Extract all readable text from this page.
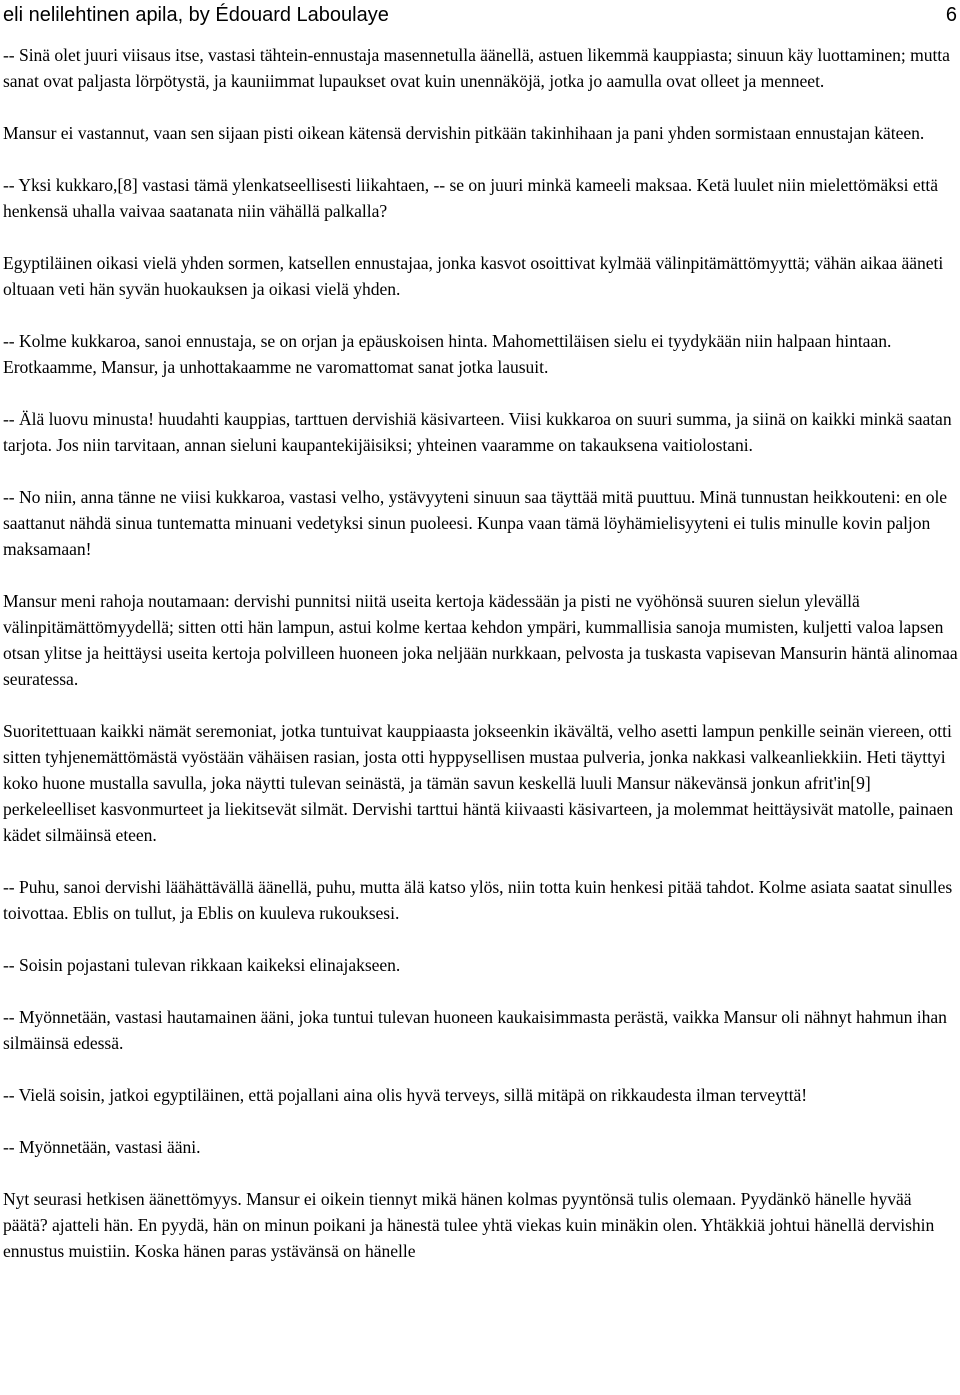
eli nelilehtinen apila, by Édouard Laboulaye	6

-- Sinä olet juuri viisaus itse, vastasi tähtein-ennustaja masennetulla äänellä, astuen likemmä kauppiasta; sinuun käy luottaminen; mutta sanat ovat paljasta lörpötystä, ja kauniimmat lupaukset ovat kuin unennäköjä, jotka jo aamulla ovat olleet ja menneet.

Mansur ei vastannut, vaan sen sijaan pisti oikean kätensä dervishin pitkään takinhihaan ja pani yhden sormistaan ennustajan käteen.

-- Yksi kukkaro,[8] vastasi tämä ylenkatseellisesti liikahtaen, -- se on juuri minkä kameeli maksaa. Ketä luulet niin mielettömäksi että henkensä uhalla vaivaa saatanata niin vähällä palkalla?

Egyptiläinen oikasi vielä yhden sormen, katsellen ennustajaa, jonka kasvot osoittivat kylmää välinpitämättömyyttä; vähän aikaa ääneti oltuaan veti hän syvän huokauksen ja oikasi vielä yhden.

-- Kolme kukkaroa, sanoi ennustaja, se on orjan ja epäuskoisen hinta. Mahomettiläisen sielu ei tyydykään niin halpaan hintaan. Erotkaamme, Mansur, ja unhottakaamme ne varomattomat sanat jotka lausuit.

-- Älä luovu minusta! huudahti kauppias, tarttuen dervishiä käsivarteen. Viisi kukkaroa on suuri summa, ja siinä on kaikki minkä saatan tarjota. Jos niin tarvitaan, annan sieluni kaupantekijäisiksi; yhteinen vaaramme on takauksena vaitiolostani.

-- No niin, anna tänne ne viisi kukkaroa, vastasi velho, ystävyyteni sinuun saa täyttää mitä puuttuu. Minä tunnustan heikkouteni: en ole saattanut nähdä sinua tuntematta minuani vedetyksi sinun puoleesi. Kunpa vaan tämä löyhämielisyyteni ei tulis minulle kovin paljon maksamaan!

Mansur meni rahoja noutamaan: dervishi punnitsi niitä useita kertoja kädessään ja pisti ne vyöhönsä suuren sielun ylevällä välinpitämättömyydellä; sitten otti hän lampun, astui kolme kertaa kehdon ympäri, kummallisia sanoja mumisten, kuljetti valoa lapsen otsan ylitse ja heittäysi useita kertoja polvilleen huoneen joka neljään nurkkaan, pelvosta ja tuskasta vapisevan Mansurin häntä alinomaa seuratessa.

Suoritettuaan kaikki nämät seremoniat, jotka tuntuivat kauppiaasta jokseenkin ikävältä, velho asetti lampun penkille seinän viereen, otti sitten tyhjenemättömästä vyöstään vähäisen rasian, josta otti hyppysellisen mustaa pulveria, jonka nakkasi valkeanliekkiin. Heti täyttyi koko huone mustalla savulla, joka näytti tulevan seinästä, ja tämän savun keskellä luuli Mansur näkevänsä jonkun afrit'in[9] perkeleelliset kasvonmurteet ja liekitsevät silmät. Dervishi tarttui häntä kiivaasti käsivarteen, ja molemmat heittäysivät matolle, painaen kädet silmäinsä eteen.

-- Puhu, sanoi dervishi läähättävällä äänellä, puhu, mutta älä katso ylös, niin totta kuin henkesi pitää tahdot. Kolme asiata saatat sinulles toivottaa. Eblis on tullut, ja Eblis on kuuleva rukouksesi.

-- Soisin pojastani tulevan rikkaan kaikeksi elinajakseen.

-- Myönnetään, vastasi hautamainen ääni, joka tuntui tulevan huoneen kaukaisimmasta perästä, vaikka Mansur oli nähnyt hahmun ihan silmäinsä edessä.

-- Vielä soisin, jatkoi egyptiläinen, että pojallani aina olis hyvä terveys, sillä mitäpä on rikkaudesta ilman terveyttä!

-- Myönnetään, vastasi ääni.

Nyt seurasi hetkisen äänettömyys. Mansur ei oikein tiennyt mikä hänen kolmas pyyntönsä tulis olemaan. Pyydänkö hänelle hyvää päätä? ajatteli hän. En pyydä, hän on minun poikani ja hänestä tulee yhtä viekas kuin minäkin olen. Yhtäkkiä johtui hänellä dervishin ennustus muistiin. Koska hänen paras ystävänsä on hänelle
